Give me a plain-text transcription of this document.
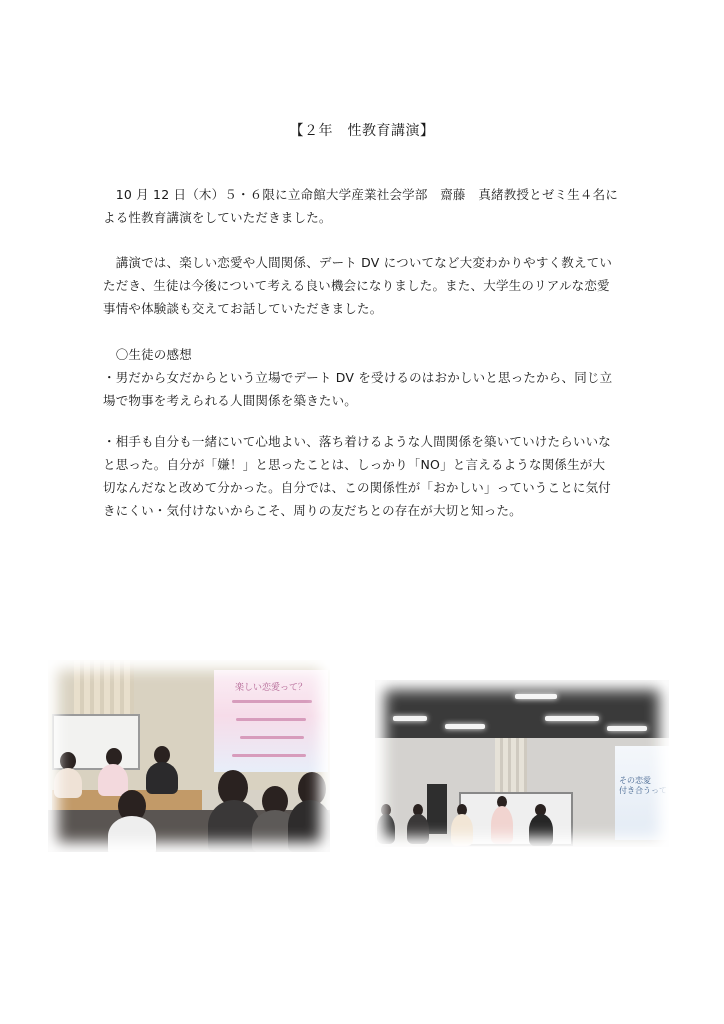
【２年　性教育講演】
　10 月 12 日（木）５・６限に立命館大学産業社会学部　齋藤　真緒教授とゼミ生４名に
よる性教育講演をしていただきました。
　講演では、楽しい恋愛や人間関係、デート DV についてなど大変わかりやすく教えてい
ただき、生徒は今後について考える良い機会になりました。また、大学生のリアルな恋愛
事情や体験談も交えてお話していただきました。
　〇生徒の感想
・男だから女だからという立場でデート DV を受けるのはおかしいと思ったから、同じ立
場で物事を考えられる人間関係を築きたい。
・相手も自分も一緒にいて心地よい、落ち着けるような人間関係を築いていけたらいいな
と思った。自分が「嫌！」と思ったことは、しっかり「NO」と言えるような関係生が大
切なんだなと改めて分かった。自分では、この関係性が「おかしい」っていうことに気付
きにくい・気付けないからこそ、周りの友だちとの存在が大切と知った。
楽しい恋愛って？
その恋愛
付き合うって
